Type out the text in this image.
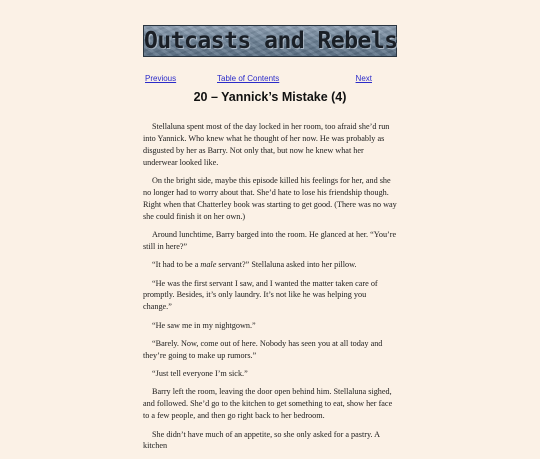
Outcasts and Rebels
Previous	Table of Contents	Next
20 – Yannick’s Mistake (4)

Stellaluna spent most of the day locked in her room, too afraid she’d run into Yannick. Who knew what he thought of her now. He was probably as disgusted by her as Barry. Not only that, but now he knew what her underwear looked like.

On the bright side, maybe this episode killed his feelings for her, and she no longer had to worry about that. She’d hate to lose his friendship though. Right when that Chatterley book was starting to get good. (There was no way she could finish it on her own.)

Around lunchtime, Barry barged into the room. He glanced at her. “You’re still in here?”

“It had to be a male servant?” Stellaluna asked into her pillow.

“He was the first servant I saw, and I wanted the matter taken care of promptly. Besides, it’s only laundry. It’s not like he was helping you change.”

“He saw me in my nightgown.”

“Barely. Now, come out of here. Nobody has seen you at all today and they’re going to make up rumors.”

“Just tell everyone I’m sick.”

Barry left the room, leaving the door open behind him. Stellaluna sighed, and followed. She’d go to the kitchen to get something to eat, show her face to a few people, and then go right back to her bedroom.

She didn’t have much of an appetite, so she only asked for a pastry. A kitchen
